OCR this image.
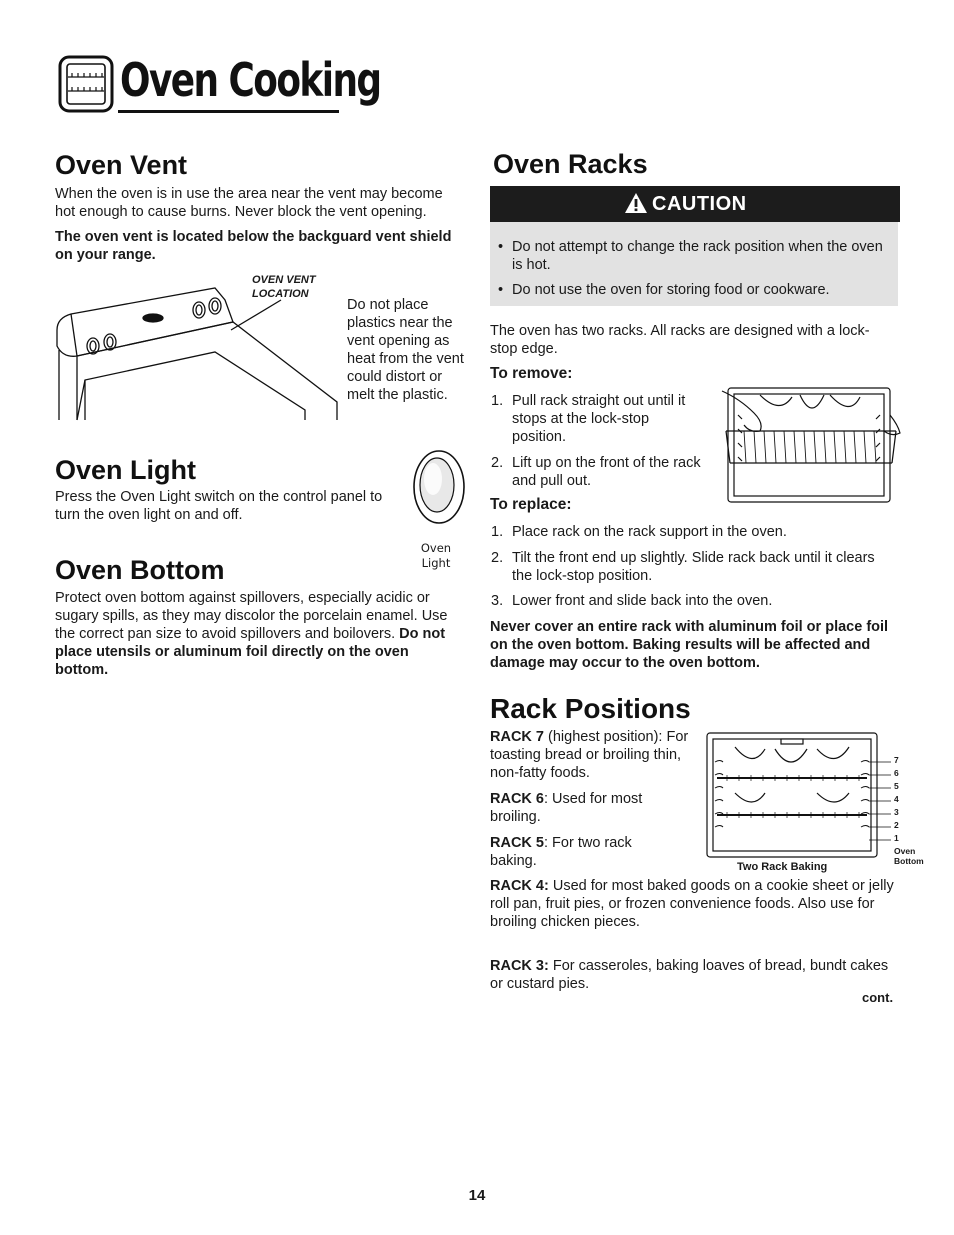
Oven Cooking
Oven Vent

When the oven is in use the area near the vent may become hot enough to cause burns. Never block the vent opening.

The oven vent is located below the backguard vent shield on your range.

OVEN VENT
LOCATION

Do not place plastics near the vent opening as heat from the vent could distort or melt the plastic.

Oven Light

Press the Oven Light switch on the control panel to turn the oven light on and off.

Oven
Light
Oven Bottom

Protect oven bottom against spillovers, especially acidic or sugary spills, as they may discolor the porcelain enamel. Use the correct pan size to avoid spillovers and boilovers. Do not place utensils or aluminum foil directly on the oven bottom.

Oven Racks
CAUTION
• Do not attempt to change the rack position when the oven is hot.
• Do not use the oven for storing food or cookware.

The oven has two racks. All racks are designed with a lock-stop edge.

To remove:
1. Pull rack straight out until it stops at the lock-stop position.
2. Lift up on the front of the rack and pull out.
To replace:
1. Place rack on the rack support in the oven.
2. Tilt the front end up slightly. Slide rack back until it clears the lock-stop position.
3. Lower front and slide back into the oven.

Never cover an entire rack with aluminum foil or place foil on the oven bottom. Baking results will be affected and damage may occur to the oven bottom.

Rack Positions

RACK 7 (highest position): For toasting bread or broiling thin, non-fatty foods.

RACK 6: Used for most broiling.

RACK 5: For two rack baking.

RACK 4: Used for most baked goods on a cookie sheet or jelly roll pan, fruit pies, or frozen convenience foods. Also use for broiling chicken pieces.

RACK 3: For casseroles, baking loaves of bread, bundt cakes or custard pies.

7
6
5
4
3
2
1
Oven
Bottom
Two Rack Baking
cont.
14
